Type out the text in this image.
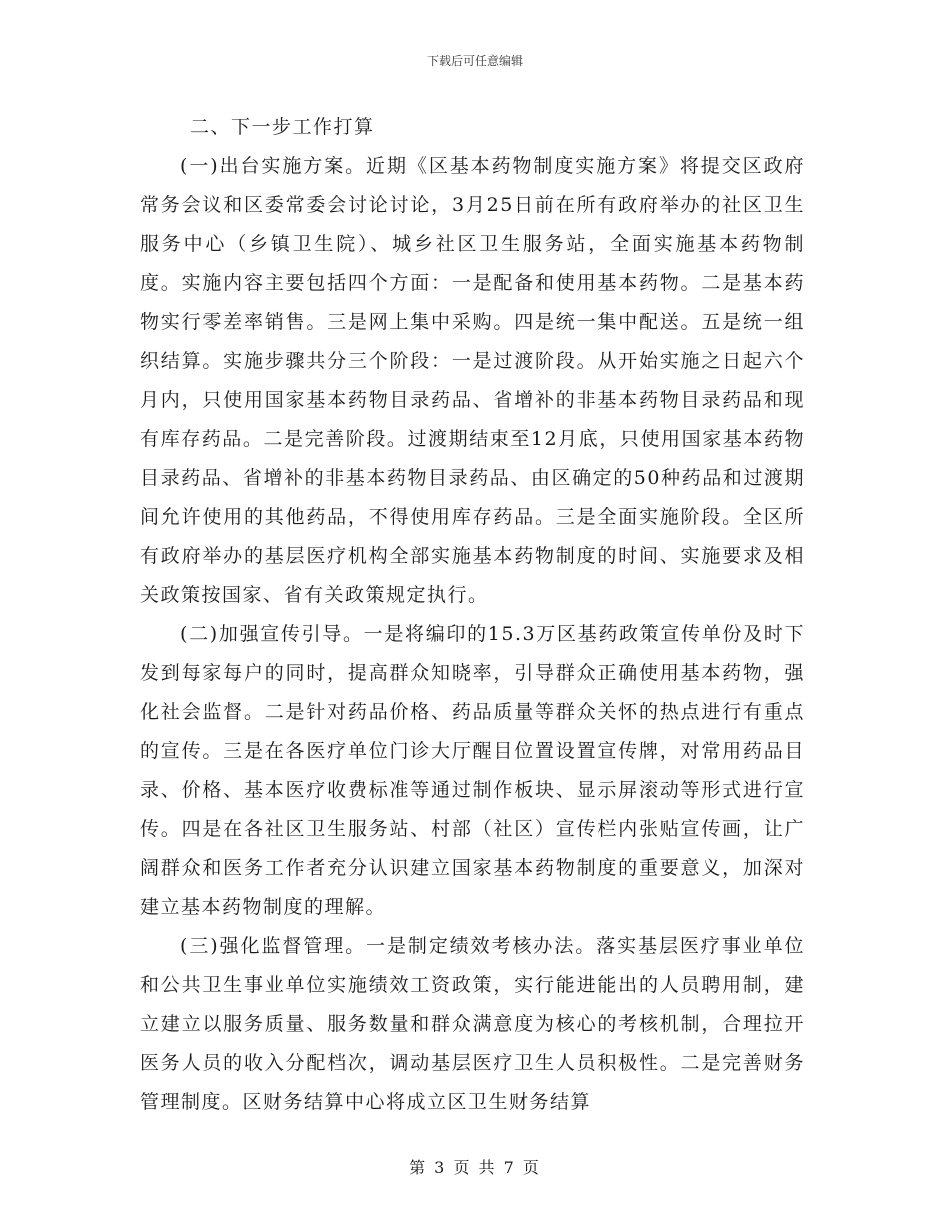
下载后可任意编辑

二、下一步工作打算

(一)出台实施方案。近期《区基本药物制度实施方案》将提交区政府常务会议和区委常委会讨论讨论，3月25日前在所有政府举办的社区卫生服务中心（乡镇卫生院）、城乡社区卫生服务站，全面实施基本药物制度。实施内容主要包括四个方面：一是配备和使用基本药物。二是基本药物实行零差率销售。三是网上集中采购。四是统一集中配送。五是统一组织结算。实施步骤共分三个阶段：一是过渡阶段。从开始实施之日起六个月内，只使用国家基本药物目录药品、省增补的非基本药物目录药品和现有库存药品。二是完善阶段。过渡期结束至12月底，只使用国家基本药物目录药品、省增补的非基本药物目录药品、由区确定的50种药品和过渡期间允许使用的其他药品，不得使用库存药品。三是全面实施阶段。全区所有政府举办的基层医疗机构全部实施基本药物制度的时间、实施要求及相关政策按国家、省有关政策规定执行。

(二)加强宣传引导。一是将编印的15.3万区基药政策宣传单份及时下发到每家每户的同时，提高群众知晓率，引导群众正确使用基本药物，强化社会监督。二是针对药品价格、药品质量等群众关怀的热点进行有重点的宣传。三是在各医疗单位门诊大厅醒目位置设置宣传牌，对常用药品目录、价格、基本医疗收费标准等通过制作板块、显示屏滚动等形式进行宣传。四是在各社区卫生服务站、村部（社区）宣传栏内张贴宣传画，让广阔群众和医务工作者充分认识建立国家基本药物制度的重要意义，加深对建立基本药物制度的理解。

(三)强化监督管理。一是制定绩效考核办法。落实基层医疗事业单位和公共卫生事业单位实施绩效工资政策，实行能进能出的人员聘用制，建立建立以服务质量、服务数量和群众满意度为核心的考核机制，合理拉开医务人员的收入分配档次，调动基层医疗卫生人员积极性。二是完善财务管理制度。区财务结算中心将成立区卫生财务结算

第 3 页 共 7 页
